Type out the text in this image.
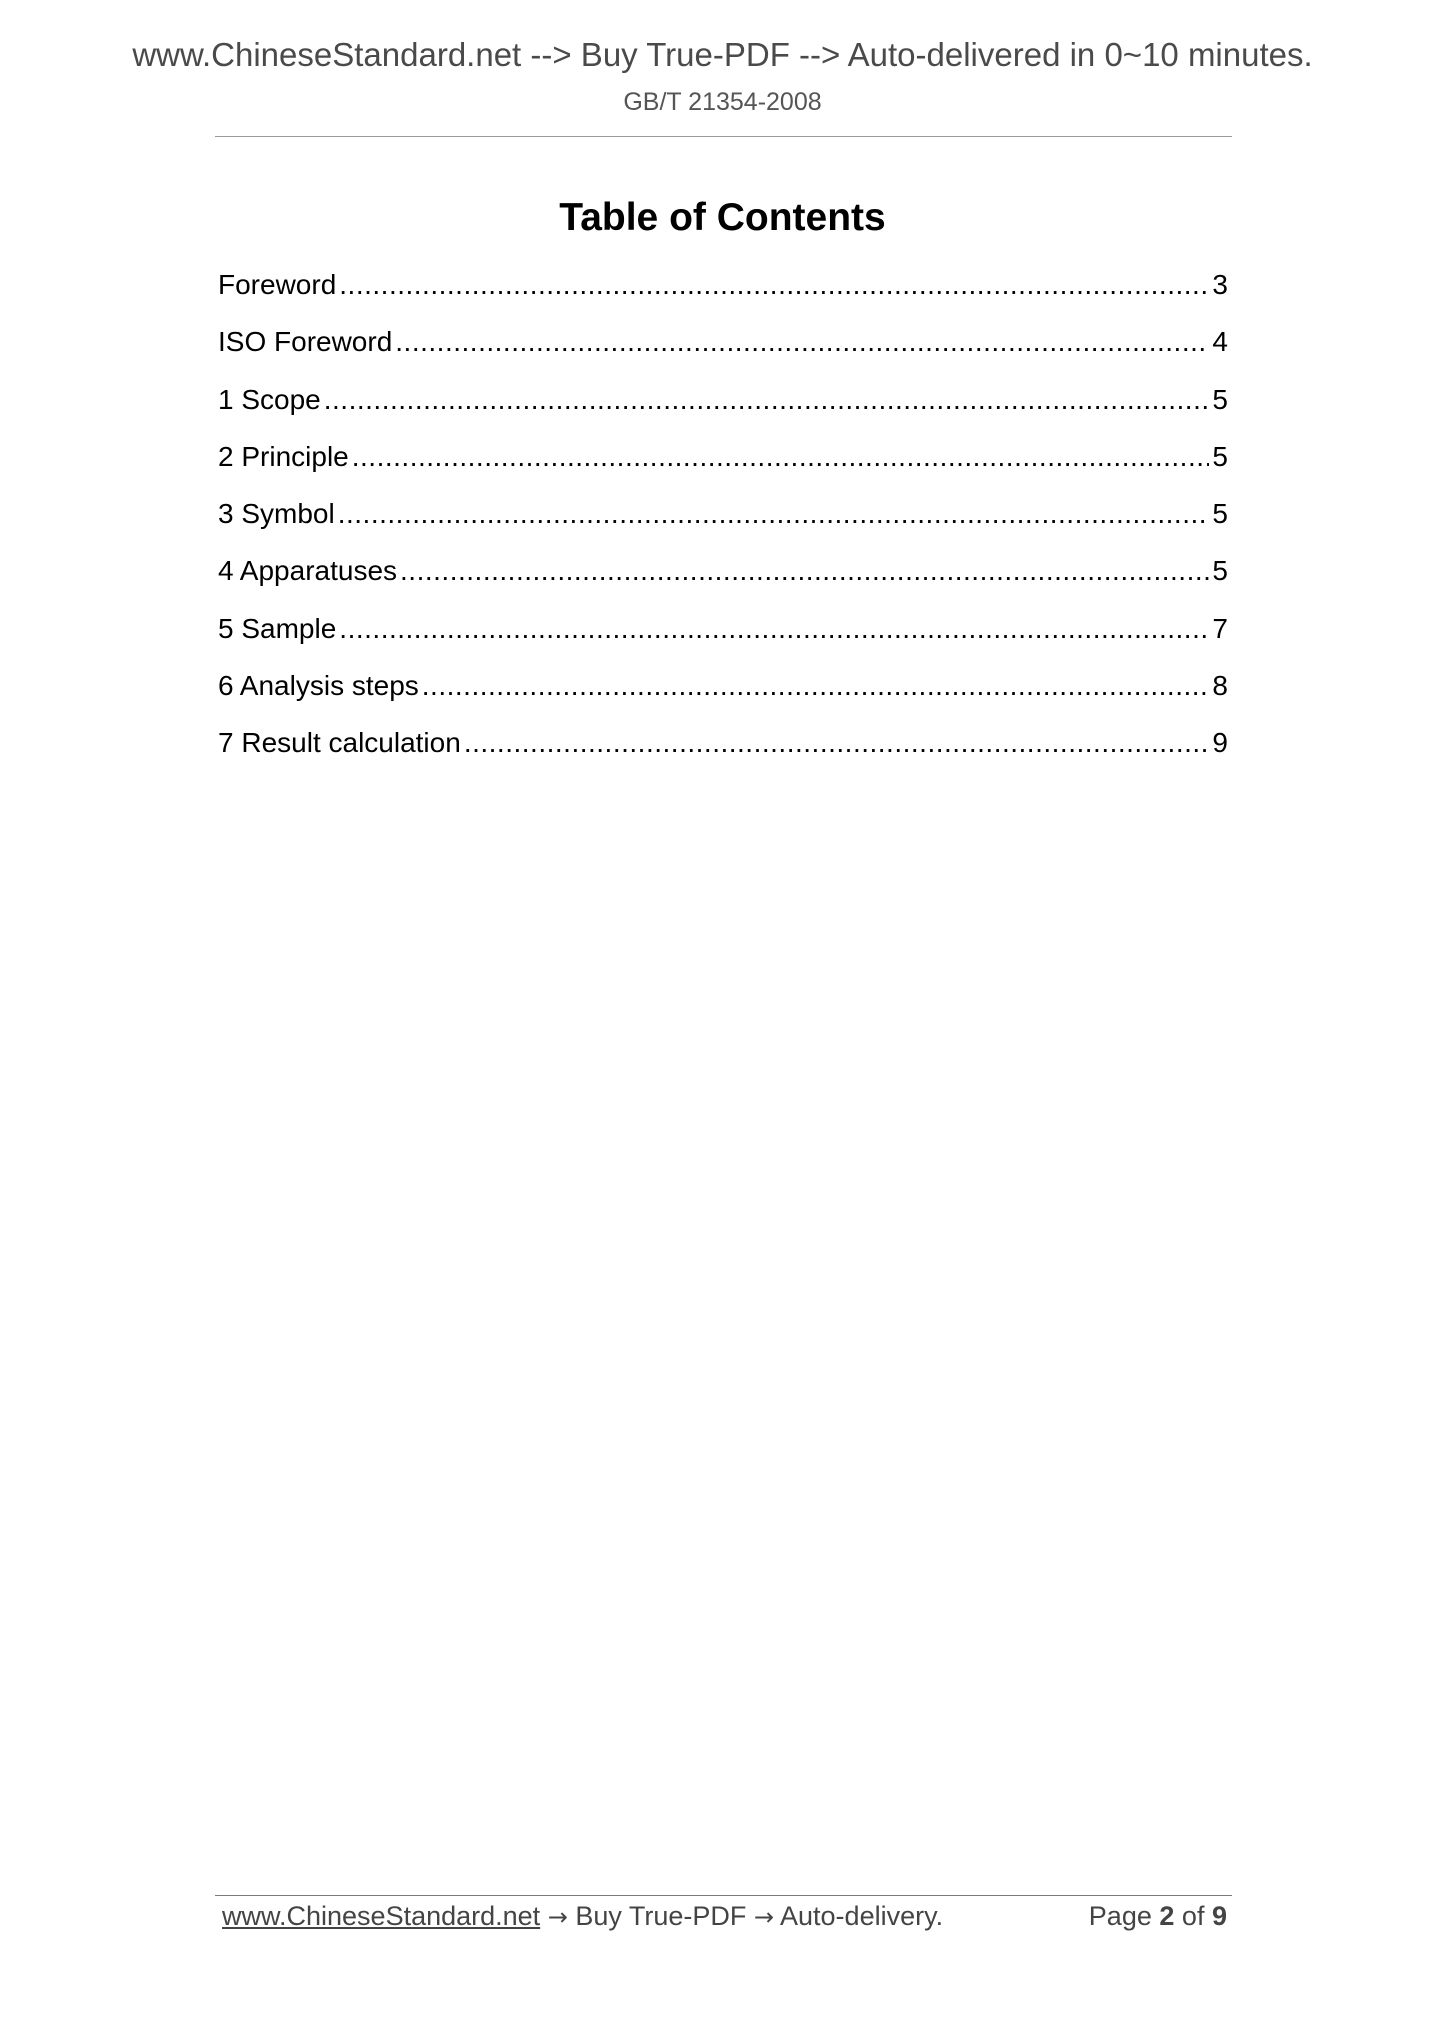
www.ChineseStandard.net --> Buy True-PDF --> Auto-delivered in 0~10 minutes.
GB/T 21354-2008
Table of Contents
Foreword .....	3
ISO Foreword .....	4
1 Scope .....	5
2 Principle .....	5
3 Symbol .....	5
4 Apparatuses .....	5
5 Sample .....	7
6 Analysis steps .....	8
7 Result calculation .....	9
www.ChineseStandard.net → Buy True-PDF → Auto-delivery.	Page 2 of 9
